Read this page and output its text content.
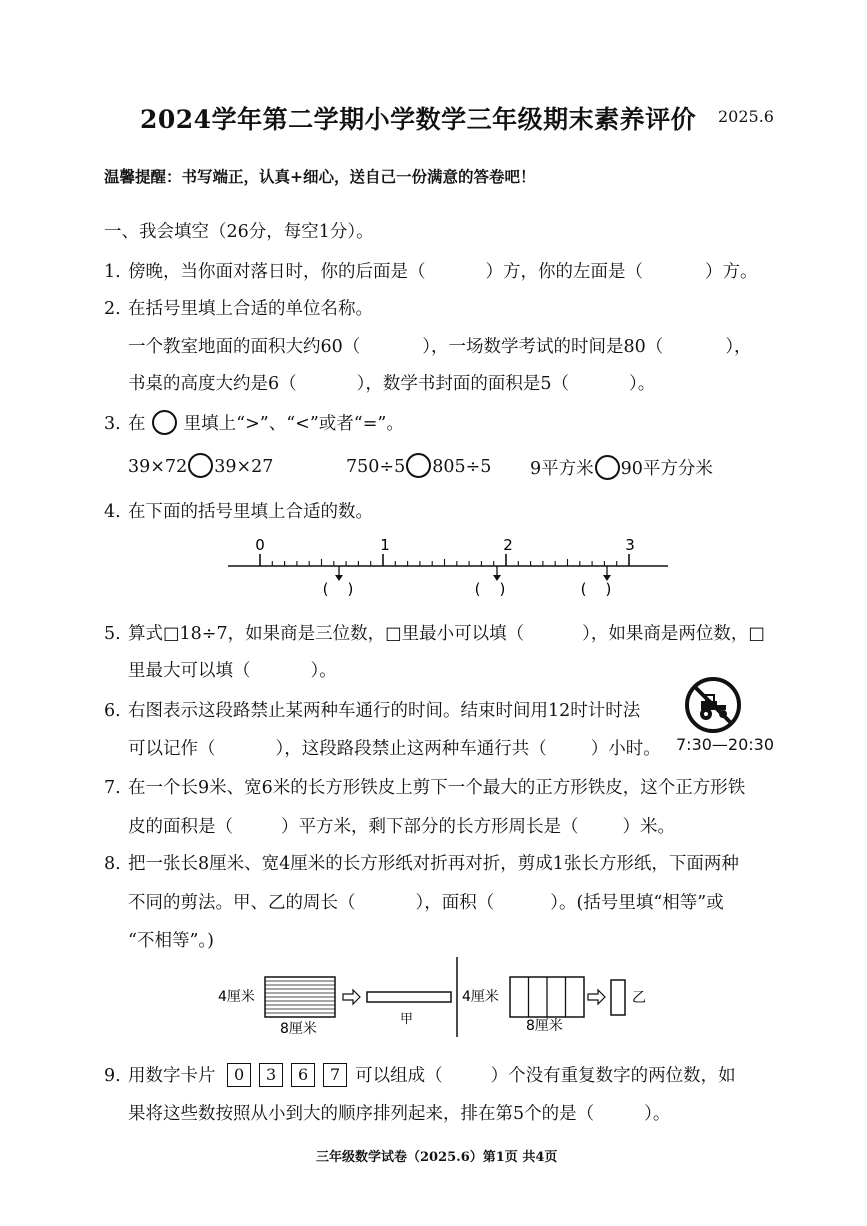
2024学年第二学期小学数学三年级期末素养评价 2025.6
温馨提醒：书写端正，认真+细心，送自己一份满意的答卷吧！
一、我会填空（26分，每空1分）。
1. 傍晚，当你面对落日时，你的后面是（	）方，你的左面是（	）方。
2. 在括号里填上合适的单位名称。
一个教室地面的面积大约60（	），一场数学考试的时间是80（	），
书桌的高度大约是6（	），数学书封面的面积是5（	）。
3. 在 里填上“>”、“<”或者“=”。
39×72 39×27	750÷5 805÷5 9平方米 90平方分米
4. 在下面的括号里填上合适的数。
0	1	2	3
(    )	(    )	(    )
5. 算式□18÷7，如果商是三位数，□里最小可以填（	），如果商是两位数，□
里最大可以填（	）。
6. 右图表示这段路禁止某两种车通行的时间。结束时间用12时计时法
可以记作（	），这段路段禁止这两种车通行共（	）小时。 7:30—20:30
7. 在一个长9米、宽6米的长方形铁皮上剪下一个最大的正方形铁皮，这个正方形铁
皮的面积是（	）平方米，剩下部分的长方形周长是（	）米。
8. 把一张长8厘米、宽4厘米的长方形纸对折再对折，剪成1张长方形纸，下面两种
不同的剪法。甲、乙的周长（	），面积（	）。(括号里填“相等”或
“不相等”。)
4厘米
8厘米
甲
4厘米
8厘米
乙
9. 用数字卡片 0 3 6 7 可以组成（	）个没有重复数字的两位数，如
果将这些数按照从小到大的顺序排列起来，排在第5个的是（	）。
三年级数学试卷（2025.6）第1页 共4页
